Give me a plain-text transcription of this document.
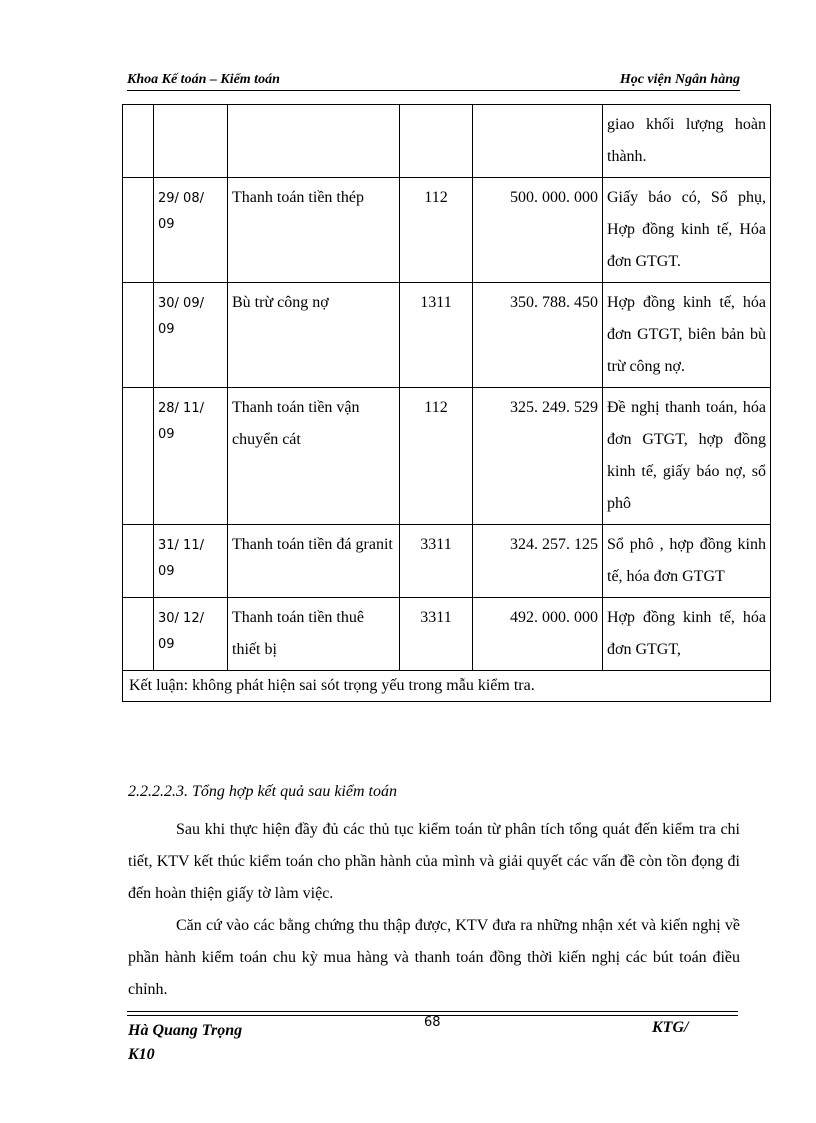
Khoa Kế toán – Kiểm toán	Học viện Ngân hàng
					giao khối lượng hoàn thành.
	29/ 08/ 09	Thanh toán tiền thép	112	500. 000. 000	Giấy báo có, Sổ phụ, Hợp đồng kinh tế, Hóa đơn GTGT.
	30/ 09/ 09	Bù trừ công nợ	1311	350. 788. 450	Hợp đồng kinh tế, hóa đơn GTGT, biên bản bù trừ công nợ.
	28/ 11/ 09	Thanh toán tiền vận chuyển cát	112	325. 249. 529	Đề nghị thanh toán, hóa đơn GTGT, hợp đồng kinh tế, giấy báo nợ, sổ phô
	31/ 11/ 09	Thanh toán tiền đá granit	3311	324. 257. 125	Sổ phô , hợp đồng kinh tế, hóa đơn GTGT
	30/ 12/ 09	Thanh toán tiền thuê thiết bị	3311	492. 000. 000	Hợp đồng kinh tế, hóa đơn GTGT,
Kết luận: không phát hiện sai sót trọng yếu trong mẫu kiểm tra.					
2.2.2.2.3. Tổng hợp kết quả sau kiểm toán
Sau khi thực hiện đầy đủ các thủ tục kiểm toán từ phân tích tổng quát đến kiểm tra chi tiết, KTV kết thúc kiểm toán cho phần hành của mình và giải quyết các vấn đề còn tồn đọng đi đến hoàn thiện giấy tờ làm việc.
Căn cứ vào các bằng chứng thu thập được, KTV đưa ra những nhận xét và kiến nghị về phần hành kiểm toán chu kỳ mua hàng và thanh toán đồng thời kiến nghị các bút toán điều chỉnh.
Hà Quang Trọng
K10
68	KTG/
